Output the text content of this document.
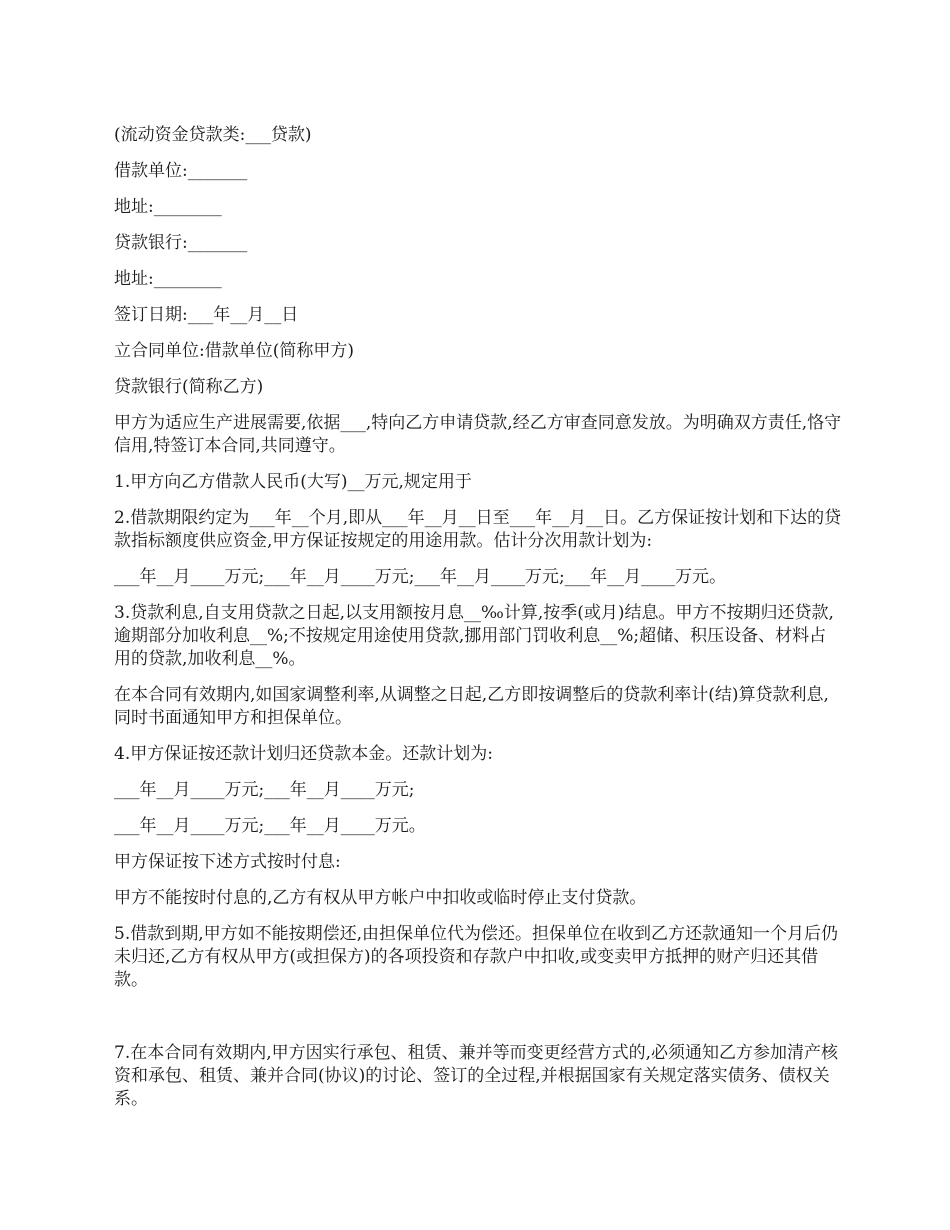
(流动资金贷款类:___贷款)

借款单位:_______

地址:________

贷款银行:_______

地址:________

签订日期:___年__月__日

立合同单位:借款单位(简称甲方)

贷款银行(简称乙方)

甲方为适应生产进展需要,依据___,特向乙方申请贷款,经乙方审查同意发放。为明确双方责任,恪守信用,特签订本合同,共同遵守。

1.甲方向乙方借款人民币(大写)__万元,规定用于

2.借款期限约定为___年__个月,即从___年__月__日至___年__月__日。乙方保证按计划和下达的贷款指标额度供应资金,甲方保证按规定的用途用款。估计分次用款计划为:

___年__月____万元;___年__月____万元;___年__月____万元;___年__月____万元。

3.贷款利息,自支用贷款之日起,以支用额按月息__‰计算,按季(或月)结息。甲方不按期归还贷款,逾期部分加收利息__%;不按规定用途使用贷款,挪用部门罚收利息__%;超储、积压设备、材料占用的贷款,加收利息__%。

在本合同有效期内,如国家调整利率,从调整之日起,乙方即按调整后的贷款利率计(结)算贷款利息,同时书面通知甲方和担保单位。

4.甲方保证按还款计划归还贷款本金。还款计划为:

___年__月____万元;___年__月____万元;

___年__月____万元;___年__月____万元。

甲方保证按下述方式按时付息:

甲方不能按时付息的,乙方有权从甲方帐户中扣收或临时停止支付贷款。

5.借款到期,甲方如不能按期偿还,由担保单位代为偿还。担保单位在收到乙方还款通知一个月后仍未归还,乙方有权从甲方(或担保方)的各项投资和存款户中扣收,或变卖甲方抵押的财产归还其借款。

7.在本合同有效期内,甲方因实行承包、租赁、兼并等而变更经营方式的,必须通知乙方参加清产核资和承包、租赁、兼并合同(协议)的讨论、签订的全过程,并根据国家有关规定落实债务、债权关系。
